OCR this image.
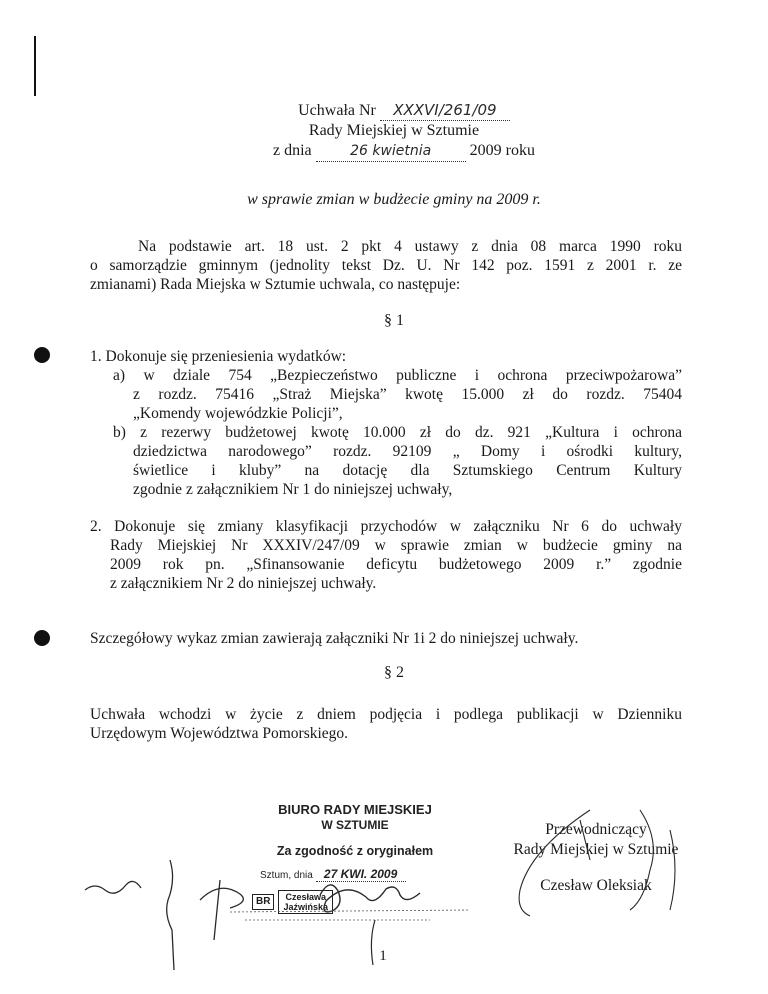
Uchwała Nr XXXVI/261/09
Rady Miejskiej w Sztumie
z dnia	26 kwietnia 2009 roku
w sprawie zmian w budżecie gminy na 2009 r.
Na podstawie art. 18 ust. 2 pkt 4 ustawy z dnia 08 marca 1990 roku
o samorządzie gminnym (jednolity tekst Dz. U. Nr 142 poz. 1591 z 2001 r. ze
zmianami) Rada Miejska w Sztumie uchwala, co następuje:
§ 1
1. Dokonuje się przeniesienia wydatków:
a) w dziale 754 „Bezpieczeństwo publiczne i ochrona przeciwpożarowa”
z rozdz. 75416 „Straż Miejska” kwotę 15.000 zł do rozdz. 75404
„Komendy wojewódzkie Policji”,
b) z rezerwy budżetowej kwotę 10.000 zł do dz. 921 „Kultura i ochrona
dziedzictwa narodowego” rozdz. 92109 „ Domy i ośrodki kultury,
świetlice i kluby” na dotację dla Sztumskiego Centrum Kultury
zgodnie z załącznikiem Nr 1 do niniejszej uchwały,
2. Dokonuje się zmiany klasyfikacji przychodów w załączniku Nr 6 do uchwały
Rady Miejskiej Nr XXXIV/247/09 w sprawie zmian w budżecie gminy na
2009 rok pn. „Sfinansowanie deficytu budżetowego 2009 r.” zgodnie
z załącznikiem Nr 2 do niniejszej uchwały.
Szczegółowy wykaz zmian zawierają załączniki Nr 1i 2 do niniejszej uchwały.
§ 2
Uchwała wchodzi w życie z dniem podjęcia i podlega publikacji w Dzienniku
Urzędowym Województwa Pomorskiego.
BIURO RADY MIEJSKIEJ
W SZTUMIE
Za zgodność z oryginałem
Sztum, dnia 27 KWI. 2009
BR	Czesława
Jaźwińska
Przewodniczący
Rady Miejskiej w Sztumie
Czesław Oleksiak
1
